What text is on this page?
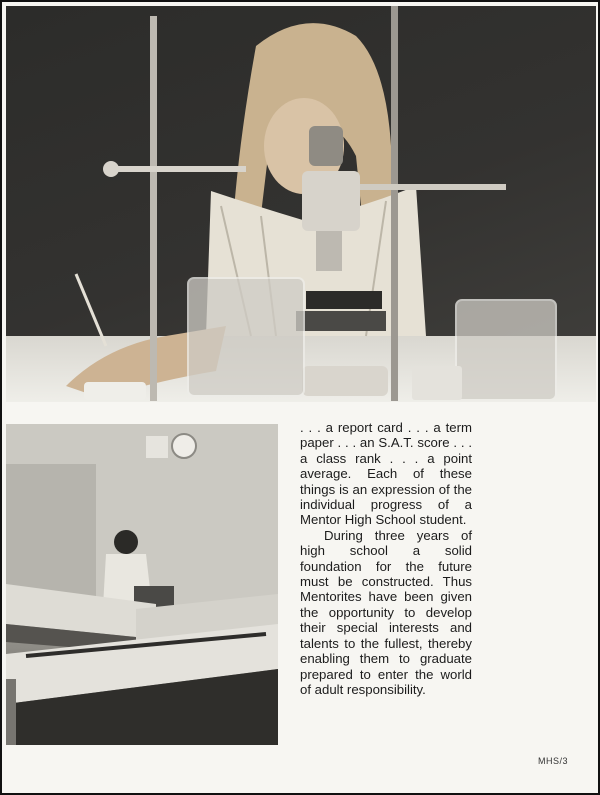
. . . a report card . . . a term paper . . . an S.A.T. score . . . a class rank . . . a point average. Each of these things is an expression of the individual progress of a Mentor High School student.

During three years of high school a solid foundation for the future must be constructed. Thus Mentorites have been given the opportunity to develop their special interests and talents to the fullest, thereby enabling them to graduate prepared to enter the world of adult responsibility.

MHS/3
